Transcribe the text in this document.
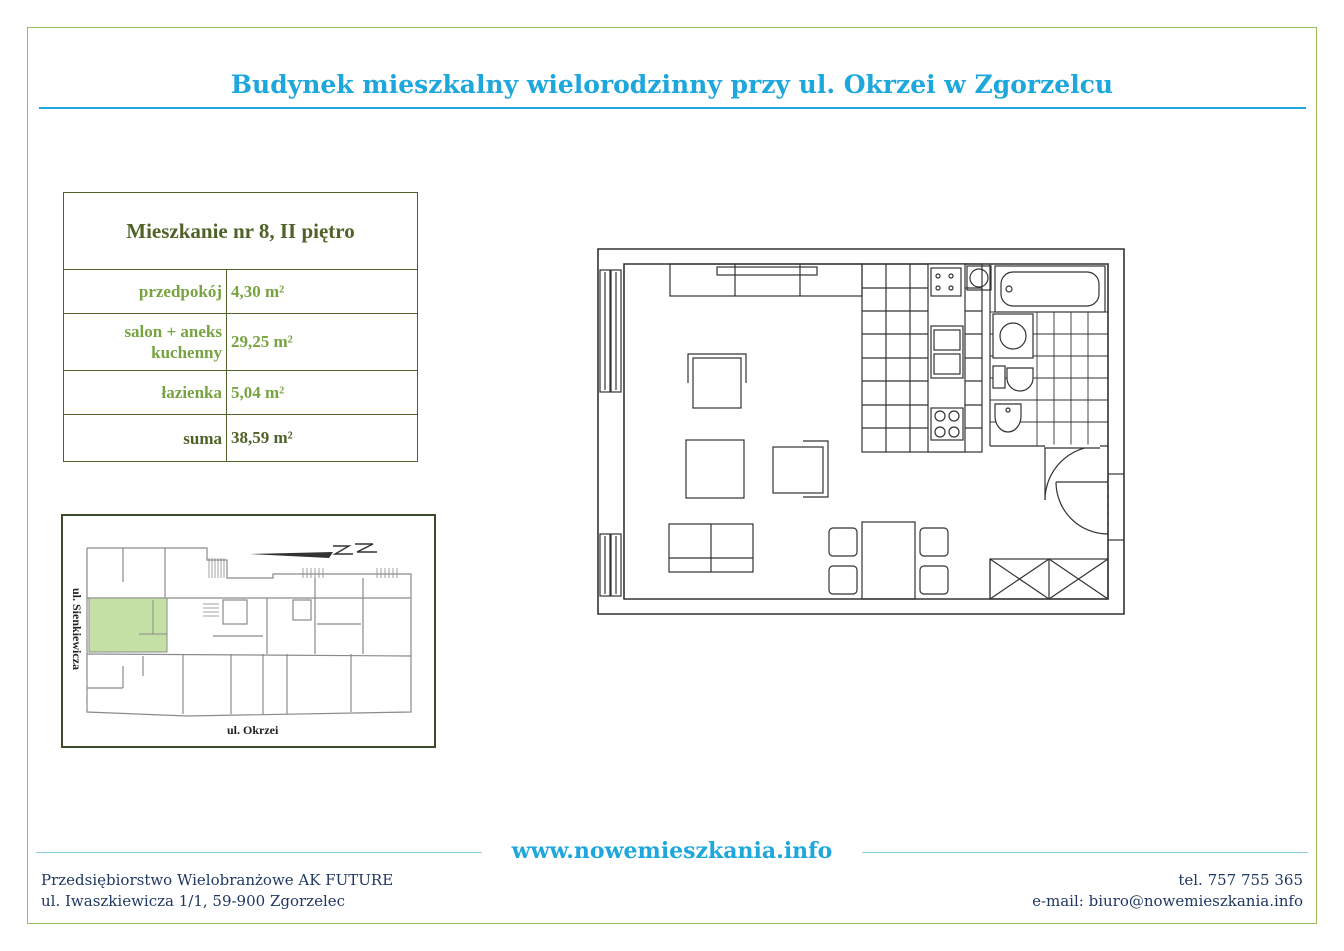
Budynek mieszkalny wielorodzinny przy ul. Okrzei w Zgorzelcu
Mieszkanie nr 8, II piętro	
przedpokój	4,30 m²
salon + aneks kuchenny	29,25 m²
łazienka	5,04 m²
suma	38,59 m²
ul. Sienkiewicza
ul. Okrzei
www.nowemieszkania.info
Przedsiębiorstwo Wielobranżowe AK FUTURE
ul. Iwaszkiewicza 1/1, 59-900 Zgorzelec
tel. 757 755 365
e-mail: biuro@nowemieszkania.info
